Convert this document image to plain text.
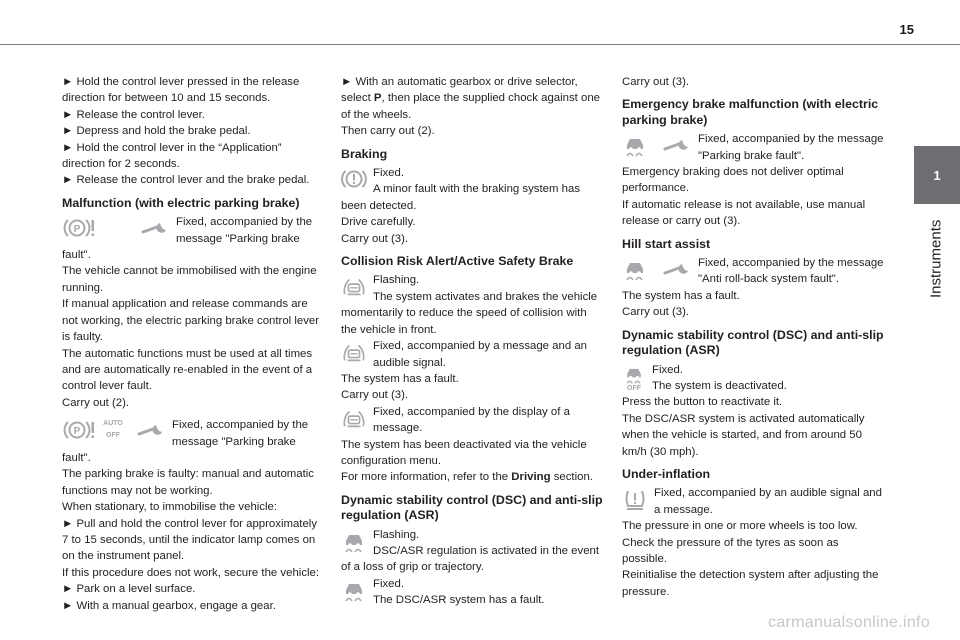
15
1
Instruments

► Hold the control lever pressed in the release direction for between 10 and 15 seconds.

► Release the control lever.

► Depress and hold the brake pedal.

► Hold the control lever in the “Application” direction for 2 seconds.

► Release the control lever and the brake pedal.

Malfunction (with electric parking brake)

Fixed, accompanied by the message "Parking brake fault".

The vehicle cannot be immobilised with the engine running.

If manual application and release commands are not working, the electric parking brake control lever is faulty.

The automatic functions must be used at all times and are automatically re-enabled in the event of a control lever fault.

Carry out (2).

AUTO
OFF

Fixed, accompanied by the message "Parking brake fault".

The parking brake is faulty: manual and automatic functions may not be working.

When stationary, to immobilise the vehicle:

► Pull and hold the control lever for approximately 7 to 15 seconds, until the indicator lamp comes on on the instrument panel.

If this procedure does not work, secure the vehicle:

► Park on a level surface.

► With a manual gearbox, engage a gear.

► With an automatic gearbox or drive selector, select P, then place the supplied chock against one of the wheels.

Then carry out (2).

Braking

Fixed.

A minor fault with the braking system has been detected.

Drive carefully.

Carry out (3).

Collision Risk Alert/Active Safety Brake

Flashing.

The system activates and brakes the vehicle momentarily to reduce the speed of collision with the vehicle in front.

Fixed, accompanied by a message and an audible signal.

The system has a fault.

Carry out (3).

Fixed, accompanied by the display of a message.

The system has been deactivated via the vehicle configuration menu.

For more information, refer to the Driving section.

Dynamic stability control (DSC) and anti-slip regulation (ASR)

Flashing.

DSC/ASR regulation is activated in the event of a loss of grip or trajectory.

Fixed.

The DSC/ASR system has a fault.

Carry out (3).

Emergency brake malfunction (with electric parking brake)

Fixed, accompanied by the message "Parking brake fault".

Emergency braking does not deliver optimal performance.

If automatic release is not available, use manual release or carry out (3).

Hill start assist

Fixed, accompanied by the message "Anti roll-back system fault".

The system has a fault.

Carry out (3).

Dynamic stability control (DSC) and anti-slip regulation (ASR)
OFF

Fixed.

The system is deactivated.

Press the button to reactivate it.

The DSC/ASR system is activated automatically when the vehicle is started, and from around 50 km/h (30 mph).

Under-inflation

Fixed, accompanied by an audible signal and a message.

The pressure in one or more wheels is too low.

Check the pressure of the tyres as soon as possible.

Reinitialise the detection system after adjusting the pressure.

carmanualsonline.info
